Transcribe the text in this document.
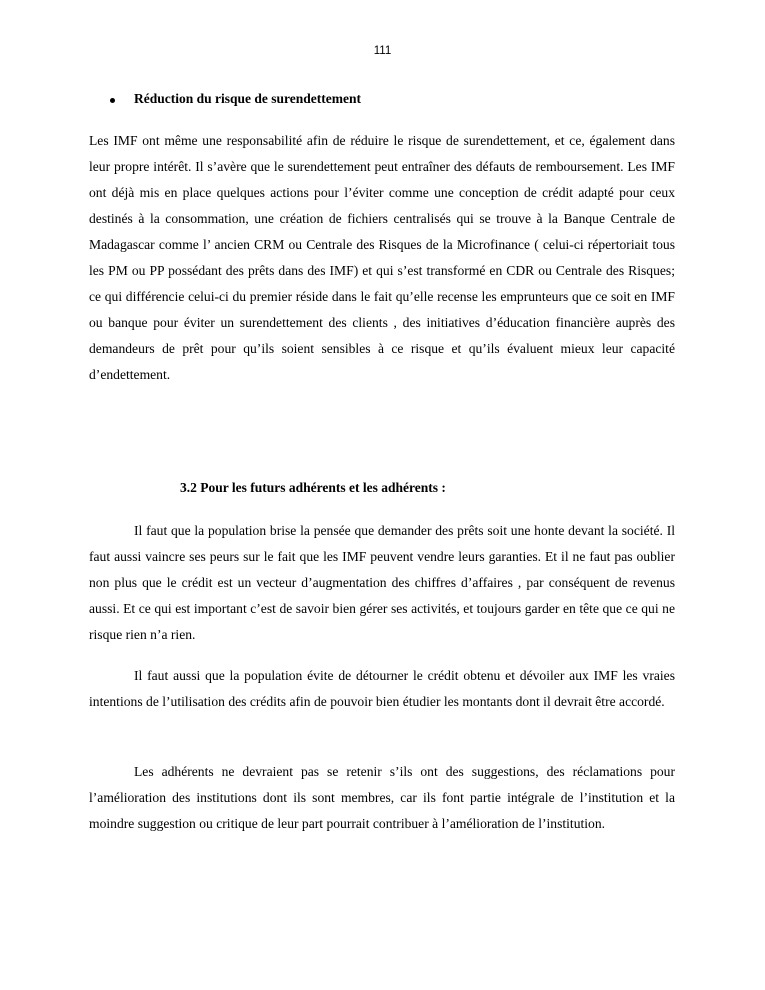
111
Réduction du risque de surendettement

Les IMF ont même une responsabilité afin de réduire le risque de surendettement, et ce, également dans leur propre intérêt. Il s’avère que le surendettement peut entraîner des défauts de remboursement. Les IMF ont déjà mis en place quelques actions pour l’éviter comme une conception de crédit adapté pour ceux destinés à la consommation, une création de fichiers centralisés qui se trouve à la Banque Centrale de Madagascar comme l’ ancien CRM ou Centrale des Risques de la Microfinance ( celui-ci répertoriait tous les PM ou PP possédant des prêts dans des IMF) et qui s’est transformé en CDR ou Centrale des Risques; ce qui différencie celui-ci du premier réside dans le fait qu’elle recense les emprunteurs que ce soit en IMF ou banque pour éviter un surendettement des clients , des initiatives d’éducation financière auprès des demandeurs de prêt pour qu’ils soient sensibles à ce risque et qu’ils évaluent mieux leur capacité d’endettement.

3.2 Pour les futurs adhérents et les adhérents :

Il faut que la population brise la pensée que demander des prêts soit une honte devant la société. Il faut aussi vaincre ses peurs sur le fait que les IMF peuvent vendre leurs garanties. Et il ne faut pas oublier non plus que le crédit est un vecteur d’augmentation des chiffres d’affaires , par conséquent de revenus aussi. Et ce qui est important c’est de savoir bien gérer ses activités, et toujours garder en tête que ce qui ne risque rien n’a rien.

Il faut aussi que la population évite de détourner le crédit obtenu et dévoiler aux IMF les vraies intentions de l’utilisation des crédits afin de pouvoir bien étudier les montants dont il devrait être accordé.

Les adhérents ne devraient pas se retenir s’ils ont des suggestions, des réclamations pour l’amélioration des institutions dont ils sont membres, car ils font partie intégrale de l’institution et la moindre suggestion ou critique de leur part pourrait contribuer à l’amélioration de l’institution.
